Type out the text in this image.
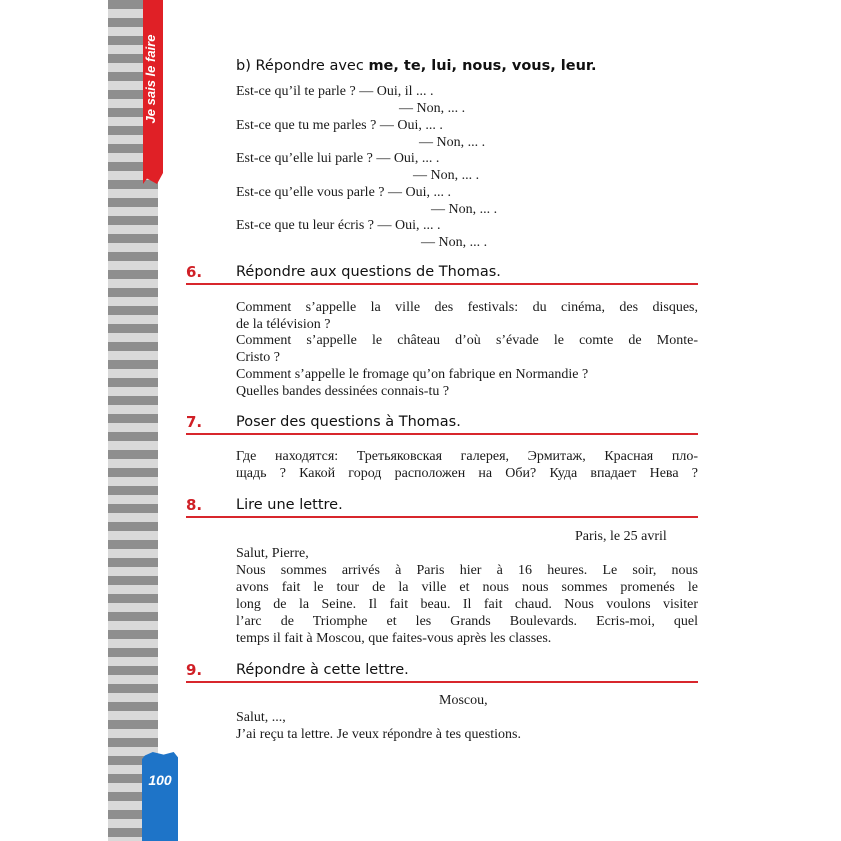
Je sais le faire
100
b) Répondre avec me, te, lui, nous, vous, leur.
Est-ce qu’il te parle ? — Oui, il ... .
— Non, ... .
Est-ce que tu me parles ? — Oui, ... .
— Non, ... .
Est-ce qu’elle lui parle ? — Oui, ... .
— Non, ... .
Est-ce qu’elle vous parle ? — Oui, ... .
— Non, ... .
Est-ce que tu leur écris ? — Oui, ... .
— Non, ... .
6. Répondre aux questions de Thomas.
Comment s’appelle la ville des festivals: du cinéma, des disques,
de la télévision ?
Comment s’appelle le château d’où s’évade le comte de Monte-
Cristo ?
Comment s’appelle le fromage qu’on fabrique en Normandie ?
Quelles bandes dessinées connais-tu ?
7. Poser des questions à Thomas.
Где находятся: Третьяковская галерея, Эрмитаж, Красная пло-
щадь ? Какой город расположен на Оби? Куда впадает Нева ?
8. Lire une lettre.
Paris, le 25 avril
Salut, Pierre,
Nous sommes arrivés à Paris hier à 16 heures. Le soir, nous
avons fait le tour de la ville et nous nous sommes promenés le
long de la Seine. Il fait beau. Il fait chaud. Nous voulons visiter
l’arc de Triomphe et les Grands Boulevards. Ecris-moi, quel
temps il fait à Moscou, que faites-vous après les classes.
9. Répondre à cette lettre.
Moscou,
Salut, ...,
J’ai reçu ta lettre. Je veux répondre à tes questions.
